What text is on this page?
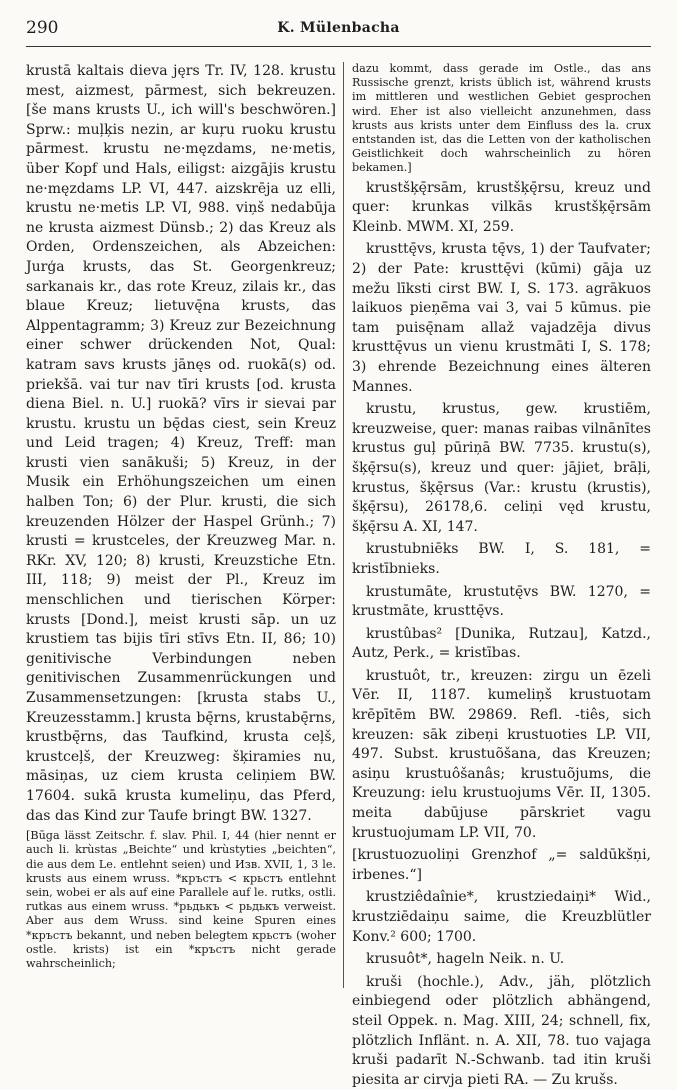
290	K. Mülenbacha

krustā kaltais dieva jęrs Tr. IV, 128. krustu mest, aizmest, pārmest, sich bekreuzen. [še mans krusts U., ich will's beschwören.] Sprw.: muļķis nezin, ar kuŗu ruoku krustu pārmest. krustu ne·męzdams, ne·metis, über Kopf und Hals, eiligst: aizgājis krustu ne·męzdams LP. VI, 447. aizskrēja uz elli, krustu ne·metis LP. VI, 988. viņš nedabūja ne krusta aizmest Dünsb.; 2) das Kreuz als Orden, Ordenszeichen, als Abzeichen: Jurģa krusts, das St. Georgenkreuz; sarkanais kr., das rote Kreuz, zilais kr., das blaue Kreuz; lietuvę̄na krusts, das Alppentagramm; 3) Kreuz zur Bezeichnung einer schwer drückenden Not, Qual: katram savs krusts jānęs od. ruokā(s) od. priekšā. vai tur nav tīri krusts [od. krusta diena Biel. n. U.] ruokā? vīrs ir sievai par krustu. krustu un bę̄das ciest, sein Kreuz und Leid tragen; 4) Kreuz, Treff: man krusti vien sanākuši; 5) Kreuz, in der Musik ein Erhöhungszeichen um einen halben Ton; 6) der Plur. krusti, die sich kreuzenden Hölzer der Haspel Grünh.; 7) krusti = krustceles, der Kreuzweg Mar. n. RKr. XV, 120; 8) krusti, Kreuzstiche Etn. III, 118; 9) meist der Pl., Kreuz im menschlichen und tierischen Körper: krusts [Dond.], meist krusti sāp. un uz krustiem tas bijis tīri stīvs Etn. II, 86; 10) genitivische Verbindungen neben genitivischen Zusammenrückungen und Zusammensetzungen: [krusta stabs U., Kreuzesstamm.] krusta bę̄rns, krustabę̄rns, krustbę̄rns, das Taufkind, krusta ceļš, krustceļš, der Kreuzweg: šķiramies nu, māsiņas, uz ciem krusta celiņiem BW. 17604. sukā krusta kumeliņu, das Pferd, das das Kind zur Taufe bringt BW. 1327.

[Būga lässt Zeitschr. f. slav. Phil. I, 44 (hier nennt er auch li. krùstas „Beichte“ und krùstyties „beichten“, die aus dem Le. entlehnt seien) und Изв. XVII, 1, 3 le. krusts aus einem wruss. *кръстъ < крьстъ entlehnt sein, wobei er als auf eine Parallele auf le. rutks, ostli. rutkas aus einem wruss. *рьдькъ < рьдькъ verweist. Aber aus dem Wruss. sind keine Spuren eines *кръстъ bekannt, und neben belegtem крьстъ (woher ostle. krists) ist ein *кръстъ nicht gerade wahrscheinlich;

dazu kommt, dass gerade im Ostle., das ans Russische grenzt, krists üblich ist, während krusts im mittleren und westlichen Gebiet gesprochen wird. Eher ist also vielleicht anzunehmen, dass krusts aus krists unter dem Einfluss des la. crux entstanden ist, das die Letten von der katholischen Geistlichkeit doch wahrscheinlich zu hören bekamen.]

krustšķę̄rsām, krustšķę̄rsu, kreuz und quer: krunkas vilkās krustšķę̄rsām Kleinb. MWM. XI, 259.

krusttę̄vs, krusta tę̄vs, 1) der Taufvater; 2) der Pate: krusttę̄vi (kūmi) gāja uz mežu līksti cirst BW. I, S. 173. agrākuos laikuos pieņē̄ma vai 3, vai 5 kūmus. pie tam puisę̄nam allaž vajadzēja divus krusttę̄vus un vienu krustmāti I, S. 178; 3) ehrende Bezeichnung eines älteren Mannes.

krustu, krustus, gew. krustiēm, kreuzweise, quer: manas raibas vilnānītes krustus guļ pūriņā BW. 7735. krustu(s), šķę̄rsu(s), kreuz und quer: jājiet, brāļi, krustus, šķę̄rsus (Var.: krustu (krustis), šķę̄rsu), 26178,6. celiņi vęd krustu, šķę̄rsu A. XI, 147.

krustubniēks BW. I, S. 181, = kristībnieks.

krustumāte, krustutę̄vs BW. 1270, = krustmāte, krusttę̄vs.

krustûbas² [Dunika, Rutzau], Katzd., Autz, Perk., = kristības.

krustuôt, tr., kreuzen: zirgu un ēzeli Vēr. II, 1187. kumeliņš krustuotam krēpītēm BW. 29869. Refl. -tiês, sich kreuzen: sāk zibeņi krustuoties LP. VII, 497. Subst. krustuõšana, das Kreuzen; asiņu krustuôšanâs; krustuõjums, die Kreuzung: ielu krustuojums Vēr. II, 1305. meita dabūjuse pārskriet vagu krustuojumam LP. VII, 70.

[krustuozuoliņi Grenzhof „= saldūkšņi, irbenes.“]

krustziêdaînie*, krustziedaiņi* Wid., krustziēdaiņu saime, die Kreuzblütler Konv.² 600; 1700.

krusuôt*, hageln Neik. n. U.

kruši (hochle.), Adv., jäh, plötzlich einbiegend oder plötzlich abhängend, steil Oppek. n. Mag. XIII, 24; schnell, fix, plötzlich Inflänt. n. A. XII, 78. tuo vajaga kruši padarīt N.-Schwanb. tad itin kruši piesita ar cirvja pieti RA. — Zu krušs.
